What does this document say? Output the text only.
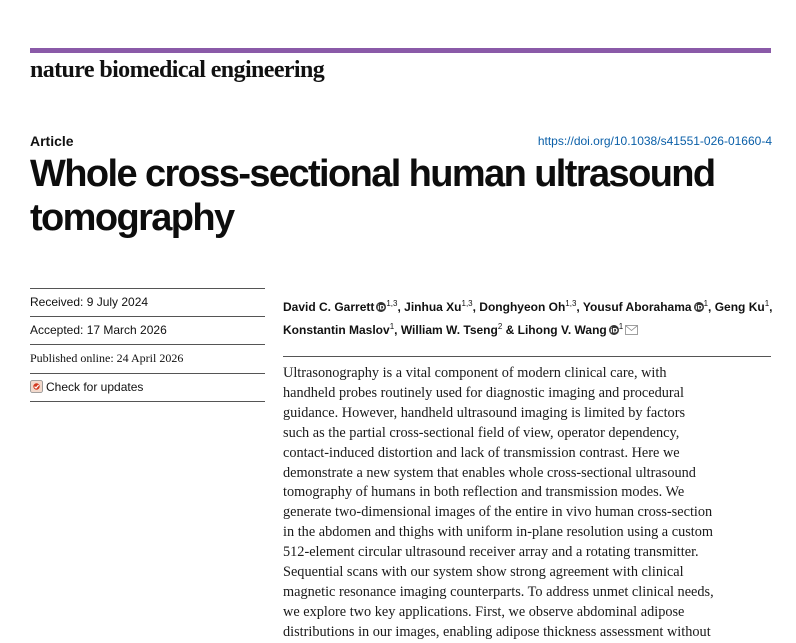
nature biomedical engineering
Article	https://doi.org/10.1038/s41551-026-01660-4
Whole cross-sectional human ultrasound tomography
Received: 9 July 2024
Accepted: 17 March 2026
Published online: 24 April 2026
Check for updates
David C. Garrett iD $^{1,3}$, Jinhua Xu$^{1,3}$, Donghyeon Oh$^{1,3}$, Yousuf Aborahama iD $^1$, Geng Ku$^1$, Konstantin Maslov$^1$, William W. Tseng$^2$ & Lihong V. Wang iD $^1$

Ultrasonography is a vital component of modern clinical care, with
handheld probes routinely used for diagnostic imaging and procedural
guidance. However, handheld ultrasound imaging is limited by factors
such as the partial cross-sectional field of view, operator dependency,
contact-induced distortion and lack of transmission contrast. Here we
demonstrate a new system that enables whole cross-sectional ultrasound
tomography of humans in both reflection and transmission modes. We
generate two-dimensional images of the entire in vivo human cross-section
in the abdomen and thighs with uniform in-plane resolution using a custom
512-element circular ultrasound receiver array and a rotating transmitter.
Sequential scans with our system show strong agreement with clinical
magnetic resonance imaging counterparts. To address unmet clinical needs,
we explore two key applications. First, we observe abdominal adipose
distributions in our images, enabling adipose thickness assessment without
